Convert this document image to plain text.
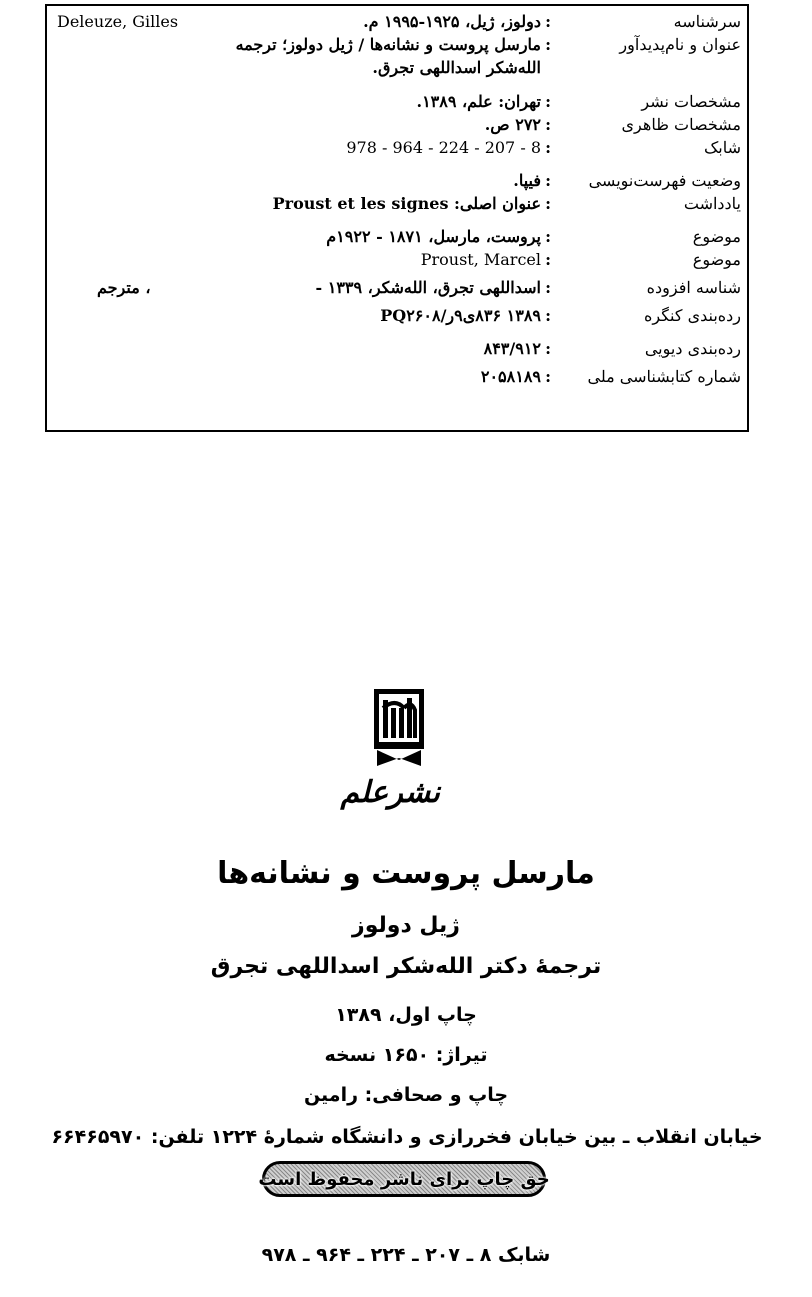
سرشناسه
:
دولوز، ژیل، ۱۹۲۵-۱۹۹۵ م.
Deleuze, Gilles
عنوان و نام‌پدیدآور
:
مارسل پروست و نشانه‌ها / ژیل دولوز؛ ترجمه
الله‌شکر اسداللهی تجرق.
مشخصات نشر
:
تهران: علم، ۱۳۸۹.
مشخصات ظاهری
:
۲۷۲ ص.
شابک
:
978 - 964 - 224 - 207 - 8
وضعیت فهرست‌نویسی
:
فیپا.
یادداشت
:
عنوان اصلی: Proust et les signes
موضوع
:
پروست، مارسل، ۱۸۷۱ - ۱۹۲۲م
موضوع
:
Proust, Marcel
شناسه افزوده
:
اسداللهی تجرق، الله‌شکر، ۱۳۳۹ -
، مترجم
رده‌بندی کنگره
:
۱۳۸۹ ۸۳۶ی۹ر/PQ۲۶۰۸
رده‌بندی دیویی
:
۸۴۳/۹۱۲
شماره کتابشناسی ملی
:
۲۰۵۸۱۸۹
نشرعلم
مارسل پروست و نشانه‌ها
ژیل دولوز
ترجمهٔ دکتر الله‌شکر اسداللهی تجرق
چاپ اول، ۱۳۸۹
تیراژ: ۱۶۵۰ نسخه
چاپ و صحافی: رامین
خیابان انقلاب ـ بین خیابان فخررازی و دانشگاه شمارهٔ ۱۲۲۴ تلفن: ۶۶۴۶۵۹۷۰
حق چاپ برای ناشر محفوظ است
شابک ۸ ـ ۲۰۷ ـ ۲۲۴ ـ ۹۶۴ ـ ۹۷۸
